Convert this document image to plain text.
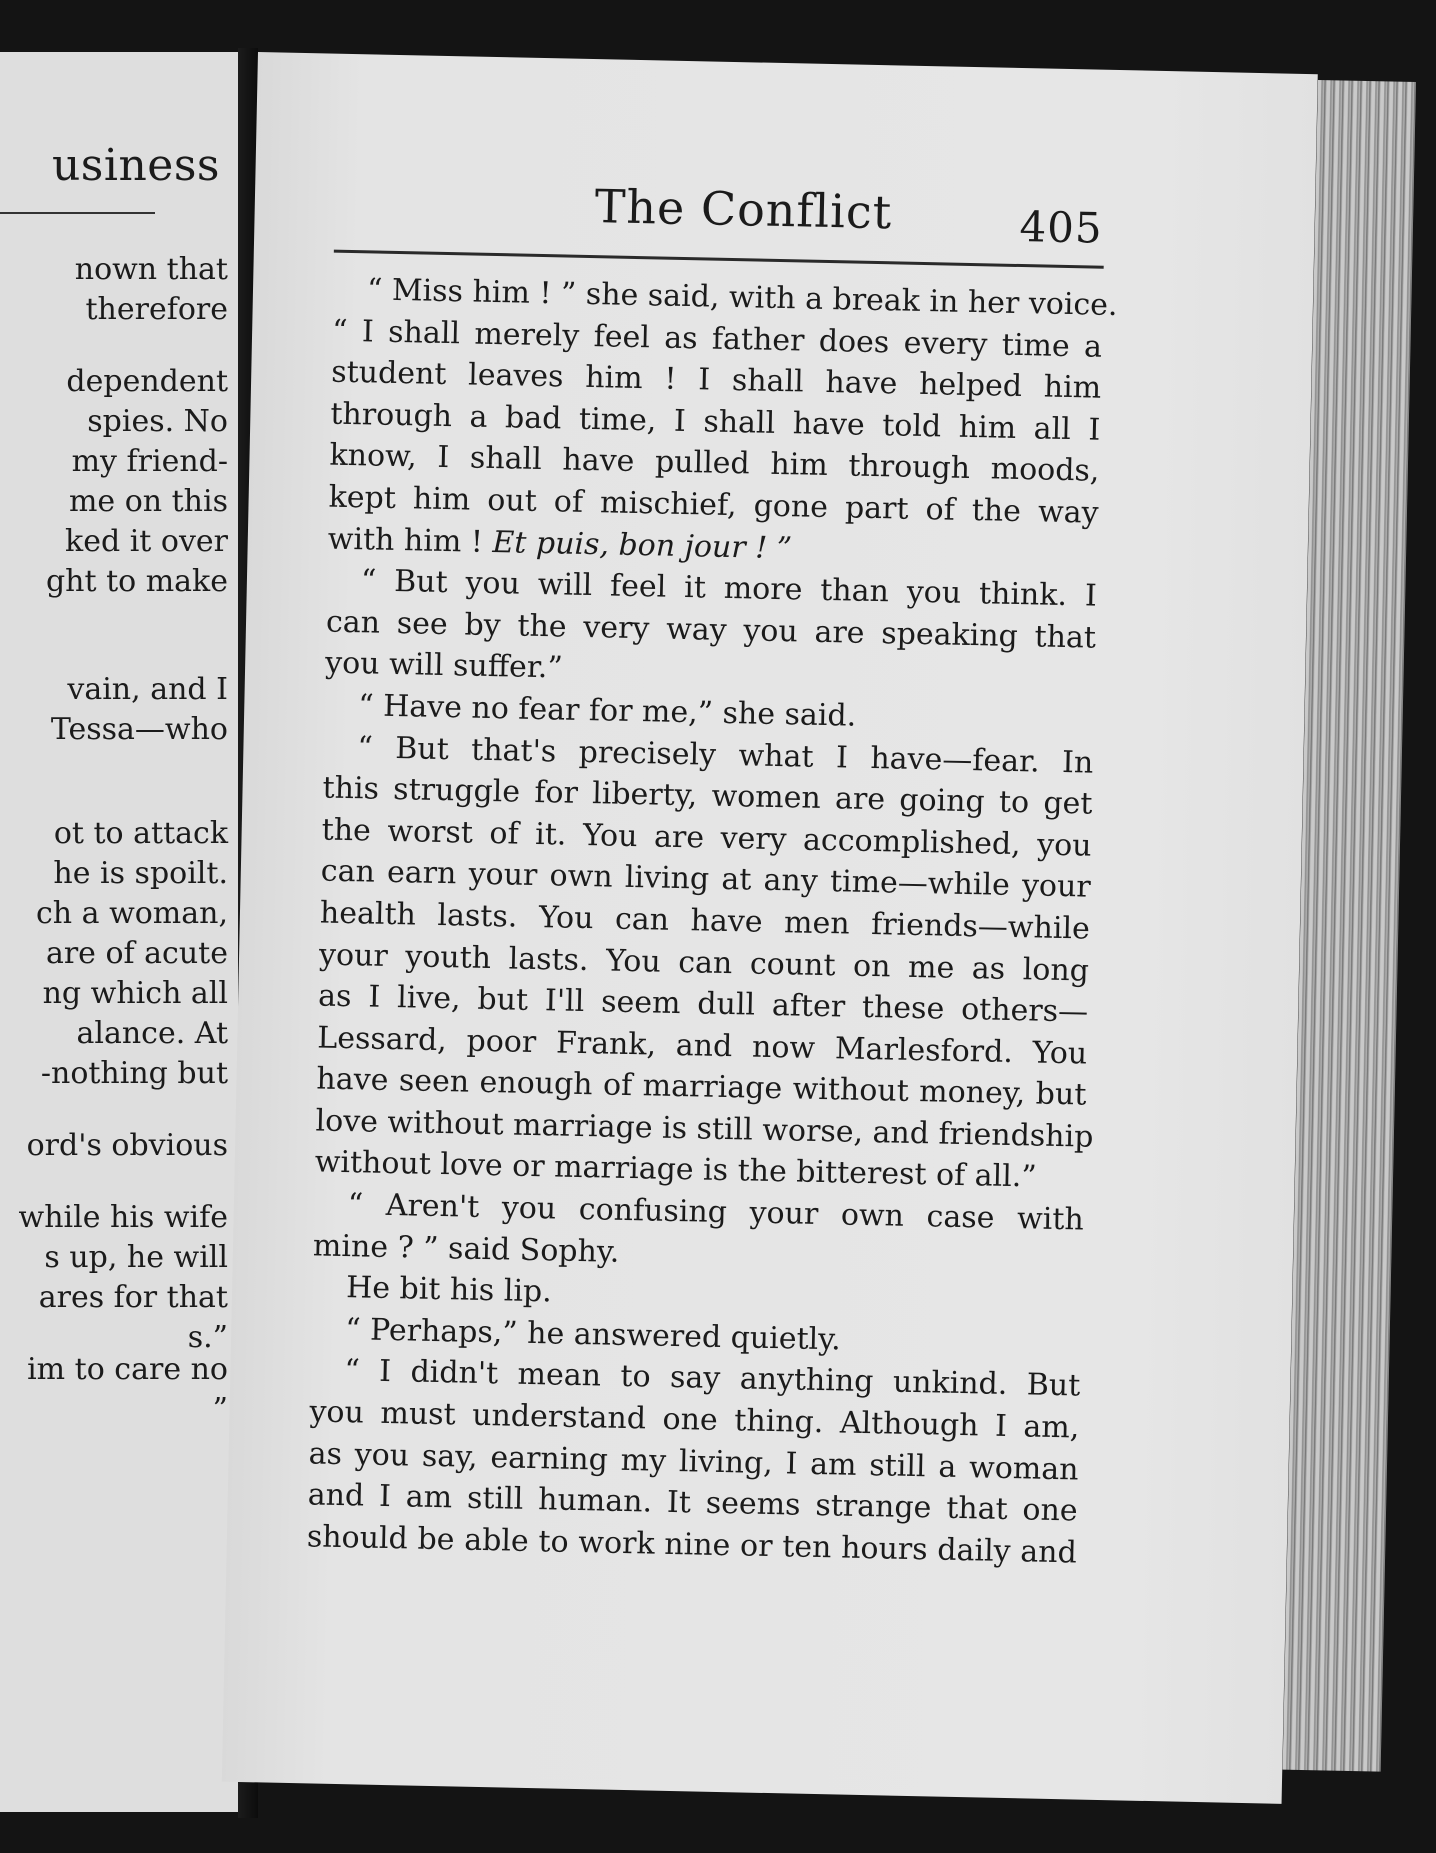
usiness
nown that
therefore
dependent
spies. No
my friend-
me on this
ked it over
ght to make
vain, and I
Tessa—who
ot to attack
he is spoilt.
ch a woman,
are of acute
ng which all
alance. At
-nothing but
ord's obvious
while his wife
s up, he will
ares for that
s.”
im to care no
”
The Conflict	405
“ Miss him ! ” she said, with a break in her voice.
“ I shall merely feel as father does every time a
student leaves him ! I shall have helped him
through a bad time, I shall have told him all I
know, I shall have pulled him through moods,
kept him out of mischief, gone part of the way
with him ! Et puis, bon jour ! ”
“ But you will feel it more than you think. I
can see by the very way you are speaking that
you will suffer.”
“ Have no fear for me,” she said.
“ But that's precisely what I have—fear. In
this struggle for liberty, women are going to get
the worst of it. You are very accomplished, you
can earn your own living at any time—while your
health lasts. You can have men friends—while
your youth lasts. You can count on me as long
as I live, but I'll seem dull after these others—
Lessard, poor Frank, and now Marlesford. You
have seen enough of marriage without money, but
love without marriage is still worse, and friendship
without love or marriage is the bitterest of all.”
“ Aren't you confusing your own case with
mine ? ” said Sophy.
He bit his lip.
“ Perhaps,” he answered quietly.
“ I didn't mean to say anything unkind. But
you must understand one thing. Although I am,
as you say, earning my living, I am still a woman
and I am still human. It seems strange that one
should be able to work nine or ten hours daily and
